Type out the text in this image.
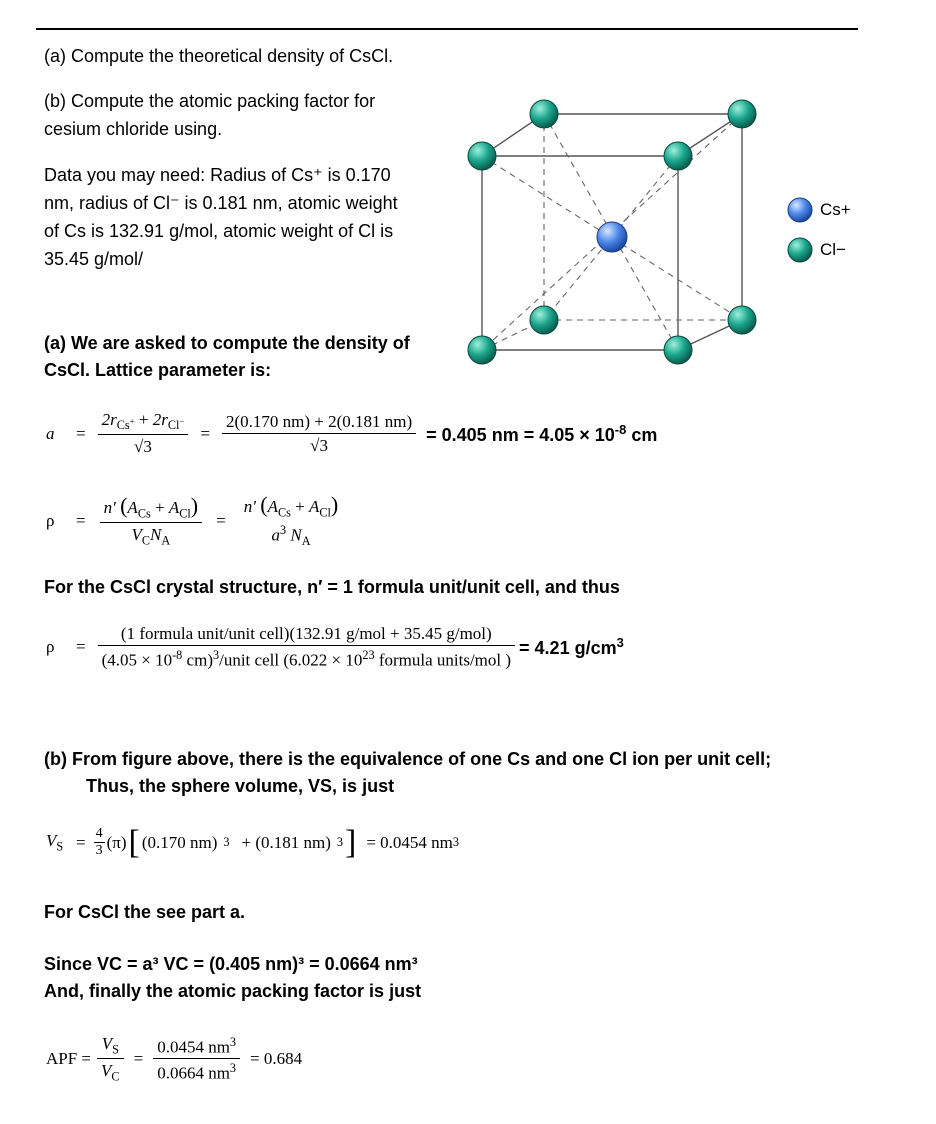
(a) Compute the theoretical density of CsCl.
(b) Compute the atomic packing factor for
cesium chloride using.
Data you may need: Radius of Cs⁺ is 0.170
nm, radius of Cl⁻ is 0.181 nm, atomic weight
of Cs is 132.91 g/mol, atomic weight of Cl is
35.45 g/mol/
Cs+
Cl−
(a) We are asked to compute the density of
CsCl. Lattice parameter is:
a	= $\frac{2r_{Cs^+} + 2r_{Cl^-}}{√3} = \frac{2(0.170 nm) + 2(0.181 nm)}{√3} = 0.405$ nm = $4.05 \times 10^{-8}$ cm
ρ	= $\frac{n' (A_{Cs} + A_{Cl})}{V_CN_A}$ =
n′ $(A_{Cs} + A_{Cl})$
$a^3$ $N_A$
For the CsCl crystal structure, n′ = 1 formula unit/unit cell, and thus
ρ	=
(1 formula unit/unit cell)(132.91 g/mol + 35.45 g/mol)
($4.05 \times 10^{-8}$ cm)$^3$/unit cell ($6.022 \times 10^{23}$ formula units/mol )
= 4.21 $g/cm^3$
(b) From figure above, there is the equivalence of one Cs and one Cl ion per unit cell;
Thus, the sphere volume, VS, is just
$V_S = \frac{4}{3} (\pi)$ [ (0.170 nm) 3 + (0.181 nm) 3 ] = 0.0454 nm 3
For CsCl the see part a.
Since VC = a³ VC = (0.405 nm)³ = 0.0664 nm³
And, finally the atomic packing factor is just
APF = $\frac{V_S}{V_C} = \frac{0.0454 nm^3}{0.0664 nm^3} = 0.684$
